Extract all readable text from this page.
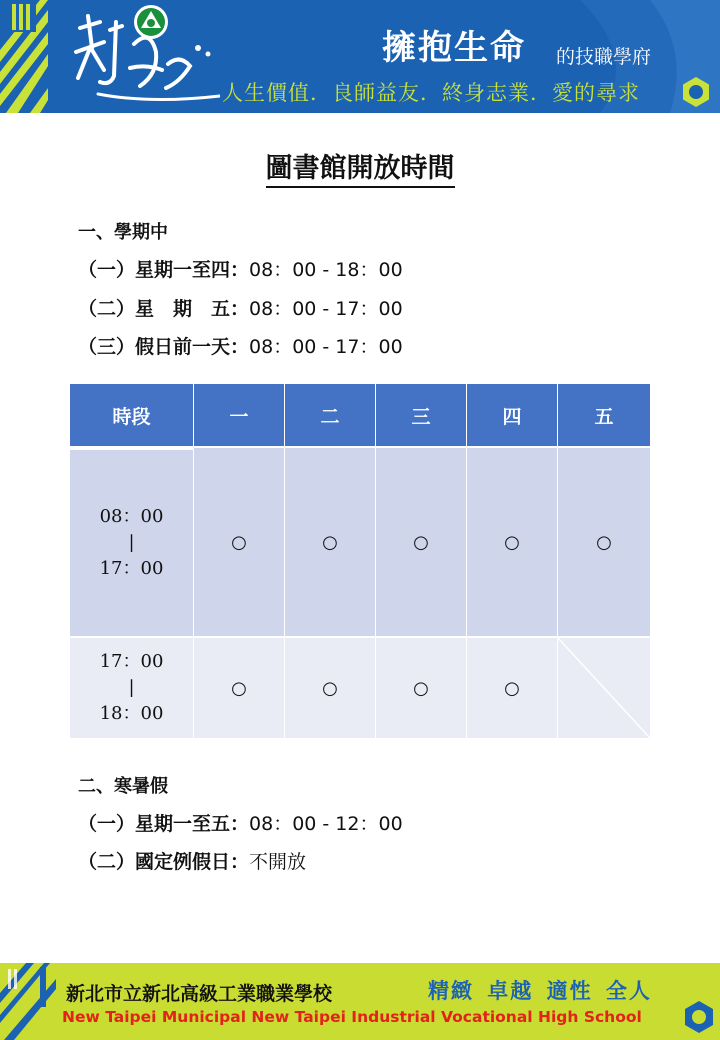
擁抱生命 的技職學府
人生價值．良師益友．終身志業．愛的尋求
圖書館開放時間
一、學期中
（一）星期一至四：08：00 - 18：00
（二）星　期　五：08：00 - 17：00
（三）假日前一天：08：00 - 17：00
時段	一	二	三	四	五

08：00
|
17：00	○	○	○	○	○

17：00
|
18：00	○	○	○	○	
二、寒暑假
（一）星期一至五：08：00 - 12：00
（二）國定例假日：不開放
新北市立新北高級工業職業學校	精緻 卓越 適性 全人
New Taipei Municipal New Taipei Industrial Vocational High School
